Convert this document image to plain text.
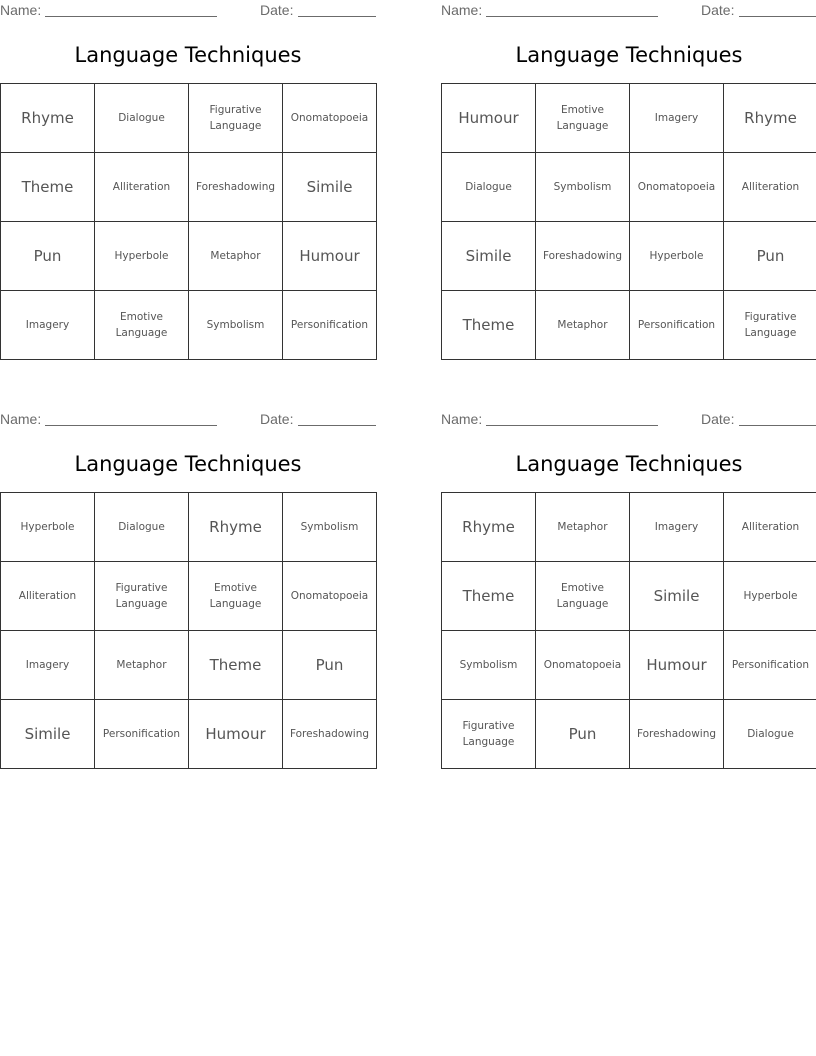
Name:	Date:
Language Techniques
Rhyme	Dialogue	Figurative Language	Onomatopoeia
Theme	Alliteration	Foreshadowing	Simile
Pun	Hyperbole	Metaphor	Humour
Imagery	Emotive Language	Symbolism	Personification
Name:	Date:
Language Techniques
Humour	Emotive Language	Imagery	Rhyme
Dialogue	Symbolism	Onomatopoeia	Alliteration
Simile	Foreshadowing	Hyperbole	Pun
Theme	Metaphor	Personification	Figurative Language
Name:	Date:
Language Techniques
Hyperbole	Dialogue	Rhyme	Symbolism
Alliteration	Figurative Language	Emotive Language	Onomatopoeia
Imagery	Metaphor	Theme	Pun
Simile	Personification	Humour	Foreshadowing
Name:	Date:
Language Techniques
Rhyme	Metaphor	Imagery	Alliteration
Theme	Emotive Language	Simile	Hyperbole
Symbolism	Onomatopoeia	Humour	Personification
Figurative Language	Pun	Foreshadowing	Dialogue
